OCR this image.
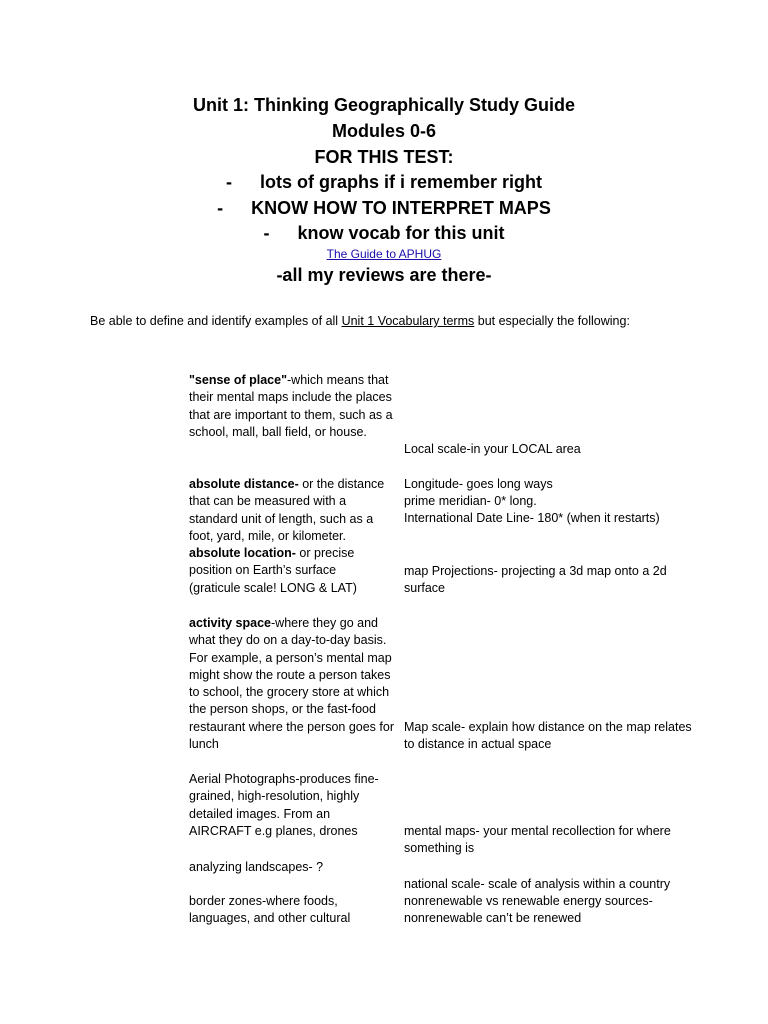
Unit 1: Thinking Geographically Study Guide
Modules 0-6
FOR THIS TEST:
- lots of graphs if i remember right
- KNOW HOW TO INTERPRET MAPS
- know vocab for this unit
The Guide to APHUG
-all my reviews are there-
Be able to define and identify examples of all Unit 1 Vocabulary terms but especially the following:
"sense of place"-which means that their mental maps include the places that are important to them, such as a school, mall, ball field, or house.
absolute distance- or the distance that can be measured with a standard unit of length, such as a foot, yard, mile, or kilometer.
absolute location- or precise position on Earth’s surface (graticule scale! LONG & LAT)
activity space-where they go and what they do on a day-to-day basis. For example, a person’s mental map might show the route a person takes to school, the grocery store at which the person shops, or the fast-food restaurant where the person goes for lunch
Aerial Photographs-produces fine-grained, high-resolution, highly detailed images. From an AIRCRAFT e.g planes, drones
analyzing landscapes- ?
border zones-where foods, languages, and other cultural
Local scale-in your LOCAL area
Longitude- goes long ways
prime meridian- 0* long.
International Date Line- 180* (when it restarts)
map Projections- projecting a 3d map onto a 2d surface
Map scale- explain how distance on the map relates to distance in actual space
mental maps- your mental recollection for where something is
national scale- scale of analysis within a country
nonrenewable vs renewable energy sources- nonrenewable can’t be renewed
